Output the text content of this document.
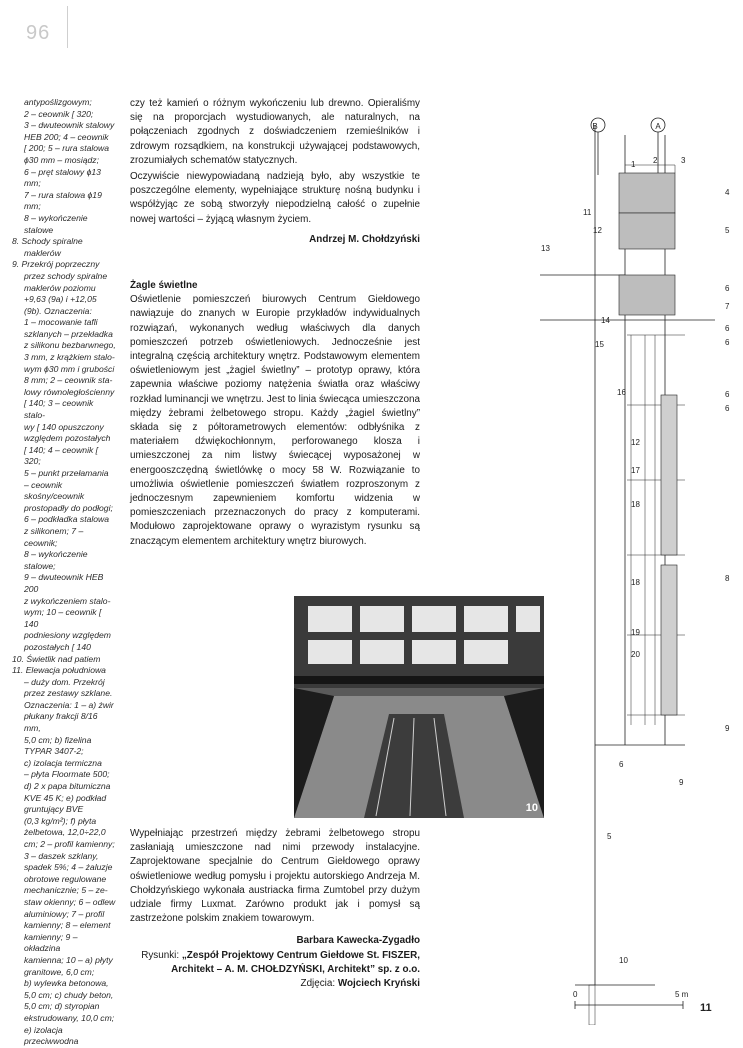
96

antypoślizgowym;

2 – ceownik [ 320;

3 – dwuteownik stalowy

HEB 200; 4 – ceownik

[ 200; 5 – rura stalowa

ɸ30 mm – mosiądz;

6 – pręt stalowy ɸ13 mm;

7 – rura stalowa ɸ19 mm;

8 – wykończenie stalowe

8. Schody spiralne maklerów

9. Przekrój poprzeczny

przez schody spiralne

maklerów poziomu

+9,63 (9a) i +12,05

(9b). Oznaczenia:

1 – mocowanie tafli

szklanych – przekładka

z silikonu bezbarwnego,

3 mm, z krążkiem stalo-

wym ɸ30 mm i grubości

8 mm; 2 – ceownik sta-

lowy równoległościenny

[ 140; 3 – ceownik stalo-

wy [ 140 opuszczony

względem pozostałych

[ 140; 4 – ceownik [ 320;

5 – punkt przełamania

– ceownik skośny/ceownik

prostopadły do podłogi;

6 – podkładka stalowa

z silikonem; 7 – ceownik;

8 – wykończenie stalowe;

9 – dwuteownik HEB 200

z wykończeniem stalo-

wym; 10 – ceownik [ 140

podniesiony względem

pozostałych [ 140

10. Świetlik nad patiem

11. Elewacja południowa

– duży dom. Przekrój

przez zestawy szklane.

Oznaczenia: 1 – a) żwir

płukany frakcji 8/16 mm,

5,0 cm; b) fizelina

TYPAR 3407-2;

c) izolacja termiczna

– płyta Floormate 500;

d) 2 x papa bitumiczna

KVE 45 K; e) podkład

gruntujący BVE

(0,3 kg/m²); f) płyta

żelbetowa, 12,0÷22,0

cm; 2 – profil kamienny;

3 – daszek szklany,

spadek 5%; 4 – żaluzje

obrotowe regulowane

mechanicznie; 5 – ze-

staw okienny; 6 – odlew

aluminiowy; 7 – profil

kamienny; 8 – element

kamienny; 9 – okładzina

kamienna; 10 – a) płyty

granitowe, 6,0 cm;

b) wylewka betonowa,

5,0 cm; c) chudy beton,

5,0 cm; d) styropian

ekstrudowany, 10,0 cm;

e) izolacja przeciwwodna

czy też kamień o różnym wykończeniu lub drewno. Opieraliśmy się na proporcjach wystudiowanych, ale naturalnych, na połączeniach zgodnych z doświadczeniem rzemieślników i zdrowym rozsądkiem, na konstrukcji używającej podstawowych, zrozumiałych schematów statycznych.

Oczywiście niewypowiadaną nadzieją było, aby wszystkie te poszczególne elementy, wypełniające strukturę nośną budynku i współżyjąc ze sobą stworzyły niepodzielną całość o zupełnie nowej wartości – żyjącą własnym życiem.

Andrzej M. Chołdzyński

Żagle świetlne

Oświetlenie pomieszczeń biurowych Centrum Giełdowego nawiązuje do znanych w Europie przykładów indywidualnych rozwiązań, wykonanych według właściwych dla danych pomieszczeń potrzeb oświetleniowych. Jednocześnie jest integralną częścią architektury wnętrz. Podstawowym elementem oświetleniowym jest „żagiel świetlny” – prototyp oprawy, która zapewnia właściwe poziomy natężenia światła oraz właściwy rozkład luminancji we wnętrzu. Jest to linia świecąca umieszczona między żebrami żelbetowego stropu. Każdy „żagiel świetlny” składa się z półtorametrowych elementów: odbłyśnika z materiałem dźwiękochłonnym, perforowanego klosza i umieszczonej za nim listwy świecącej wyposażonej w energooszczędną świetlówkę o mocy 58 W. Rozwiązanie to umożliwia oświetlenie pomieszczeń światłem rozproszonym z jednoczesnym zapewnieniem komfortu widzenia w pomieszczeniach przeznaczonych do pracy z komputerami. Modułowo zaprojektowane oprawy o wyrazistym rysunku są znaczącym elementem architektury wnętrz biurowych.

10

Wypełniając przestrzeń między żebrami żelbetowego stropu zasłaniają umieszczone nad nimi przewody instalacyjne. Zaprojektowane specjalnie do Centrum Giełdowego oprawy oświetleniowe według pomysłu i projektu autorskiego Andrzeja M. Chołdzyńskiego wykonała austriacka firma Zumtobel przy dużym udziale firmy Luxmat. Zarówno produkt jak i pomysł są zastrzeżone polskim znakiem towarowym.

Barbara Kawecka-Zygadło

Rysunki: „Zespół Projektowy Centrum Giełdowe St. FISZER, Architekt – A. M. CHOŁDZYŃSKI, Architekt” sp. z o.o.

Zdjęcia: Wojciech Kryński

1 2	3
4
5
6
7
6
6
6
6
8
9
9
10
11
12
13
14
15
16
12
17
18
18
19
20
6
5
0	5 m
B	A
11
